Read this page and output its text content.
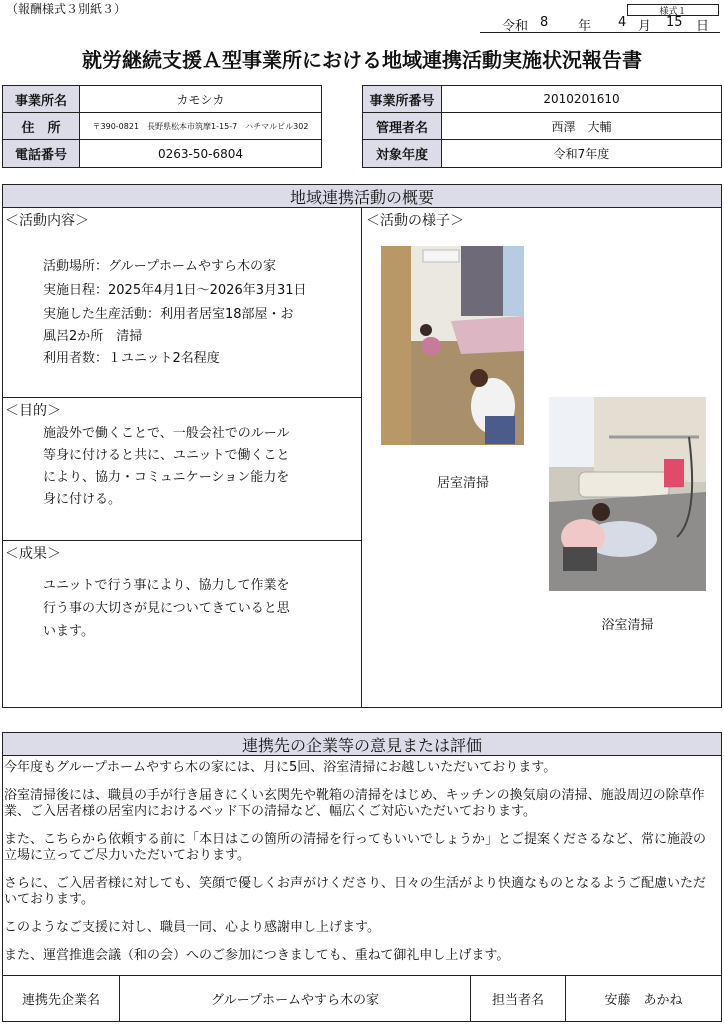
（報酬様式３別紙３）	様式１
令和 8 年 4 月 15 日
就労継続支援Ａ型事業所における地域連携活動実施状況報告書
事業所名	カモシカ
住　所	〒390-0821　長野県松本市筑摩1-15-7　ハチマルビル302
電話番号	0263-50-6804
事業所番号	2010201610
管理者名	西澤　大輔
対象年度	令和7年度
地域連携活動の概要
＜活動内容＞
活動場所：グループホームやすら木の家
実施日程：2025年4月1日～2026年3月31日
実施した生産活動：利用者居室18部屋・お
風呂2か所　清掃
利用者数：１ユニット2名程度
＜目的＞
施設外で働くことで、一般会社でのルール
等身に付けると共に、ユニットで働くこと
により、協力・コミュニケーション能力を
身に付ける。
＜成果＞
ユニットで行う事により、協力して作業を
行う事の大切さが見についてきていると思
います。
＜活動の様子＞
居室清掃
浴室清掃
連携先の企業等の意見または評価

今年度もグループホームやすら木の家には、月に5回、浴室清掃にお越しいただいております。

浴室清掃後には、職員の手が行き届きにくい玄関先や靴箱の清掃をはじめ、キッチンの換気扇の清掃、施設周辺の除草作業、ご入居者様の居室内におけるベッド下の清掃など、幅広くご対応いただいております。

また、こちらから依頼する前に「本日はこの箇所の清掃を行ってもいいでしょうか」とご提案くださるなど、常に施設の立場に立ってご尽力いただいております。

さらに、ご入居者様に対しても、笑顔で優しくお声がけくださり、日々の生活がより快適なものとなるようご配慮いただいております。

このようなご支援に対し、職員一同、心より感謝申し上げます。

また、運営推進会議（和の会）へのご参加につきましても、重ねて御礼申し上げます。

連携先企業名	グループホームやすら木の家	担当者名	安藤　あかね
